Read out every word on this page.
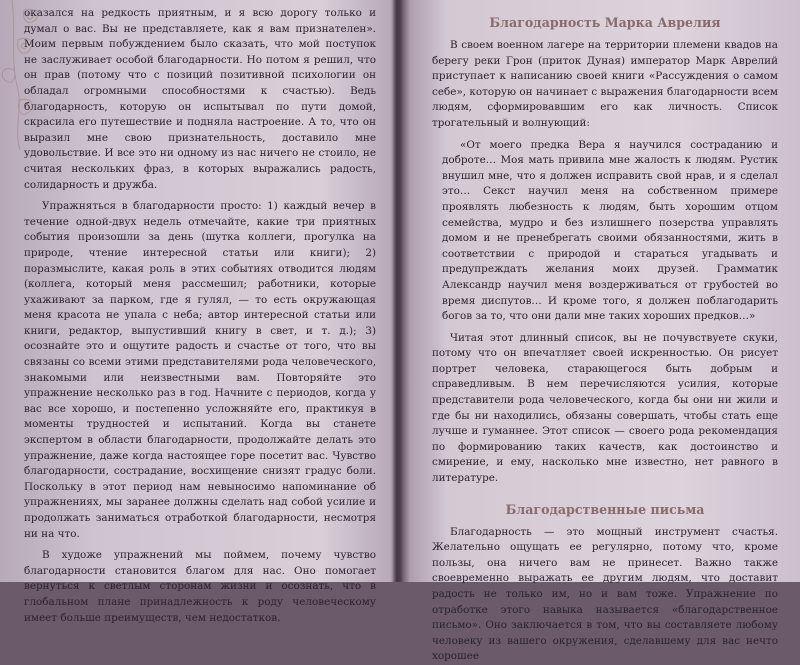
оказался на редкость приятным, и я всю дорогу только и думал о вас. Вы не представляете, как я вам признателен». Моим первым побуждением было сказать, что мой поступок не заслуживает особой благодарности. Но потом я решил, что он прав (потому что с позиций позитивной психологии он обладал огромными способностями к счастью). Ведь благодарность, которую он испытывал по пути домой, скрасила его путешествие и подняла настроение. А то, что он выразил мне свою признательность, доставило мне удовольствие. И все это ни одному из нас ничего не стоило, не считая нескольких фраз, в которых выражались радость, солидарность и дружба.

Упражняться в благодарности просто: 1) каждый вечер в течение одной-двух недель отмечайте, какие три приятных события произошли за день (шутка коллеги, прогулка на природе, чтение интересной статьи или книги); 2) поразмыслите, какая роль в этих событиях отводится людям (коллега, который меня рассмешил; работники, которые ухаживают за парком, где я гулял, — то есть окружающая меня красота не упала с неба; автор интересной статьи или книги, редактор, выпустивший книгу в свет, и т. д.); 3) осознайте это и ощутите радость и счастье от того, что вы связаны со всеми этими представителями рода человеческого, знакомыми или неизвестными вам. Повторяйте это упражнение несколько раз в год. Начните с периодов, когда у вас все хорошо, и постепенно усложняйте его, практикуя в моменты трудностей и испытаний. Когда вы станете экспертом в области благодарности, продолжайте делать это упражнение, даже когда настоящее горе посетит вас. Чувство благодарности, сострадание, восхищение снизят градус боли. Поскольку в этот период нам невыносимо напоминание об упражнениях, мы заранее должны сделать над собой усилие и продолжать заниматься отработкой благодарности, несмотря ни на что.

В художе упражнений мы поймем, почему чувство благодарности становится благом для нас. Оно помогает вернуться к светлым сторонам жизни и осознать, что в глобальном плане принадлежность к роду человеческому имеет больше преимуществ, чем недостатков.

Благодарность Марка Аврелия

В своем военном лагере на территории племени квадов на берегу реки Грон (приток Дуная) император Марк Аврелий приступает к написанию своей книги «Рассуждения о самом себе», которую он начинает с выражения благодарности всем людям, сформировавшим его как личность. Список трогательный и волнующий:

«От моего предка Вера я научился состраданию и доброте… Моя мать привила мне жалость к людям. Рустик внушил мне, что я должен исправить свой нрав, и я сделал это… Секст научил меня на собственном примере проявлять любезность к людям, быть хорошим отцом семейства, мудро и без излишнего позерства управлять домом и не пренебрегать своими обязанностями, жить в соответствии с природой и стараться угадывать и предупреждать желания моих друзей. Грамматик Александр научил меня воздерживаться от грубостей во время диспутов… И кроме того, я должен поблагодарить богов за то, что они дали мне таких хороших предков…»

Читая этот длинный список, вы не почувствуете скуки, потому что он впечатляет своей искренностью. Он рисует портрет человека, старающегося быть добрым и справедливым. В нем перечисляются усилия, которые представители рода человеческого, когда бы они ни жили и где бы ни находились, обязаны совершать, чтобы стать еще лучше и гуманнее. Этот список — своего рода рекомендация по формированию таких качеств, как достоинство и смирение, и ему, насколько мне известно, нет равного в литературе.

Благодарственные письма

Благодарность — это мощный инструмент счастья. Желательно ощущать ее регулярно, потому что, кроме пользы, она ничего вам не принесет. Важно также своевременно выражать ее другим людям, что доставит радость не только им, но и вам тоже. Упражнение по отработке этого навыка называется «благодарственное письмо». Оно заключается в том, что вы составляете любому человеку из вашего окружения, сделавшему для вас нечто хорошее
